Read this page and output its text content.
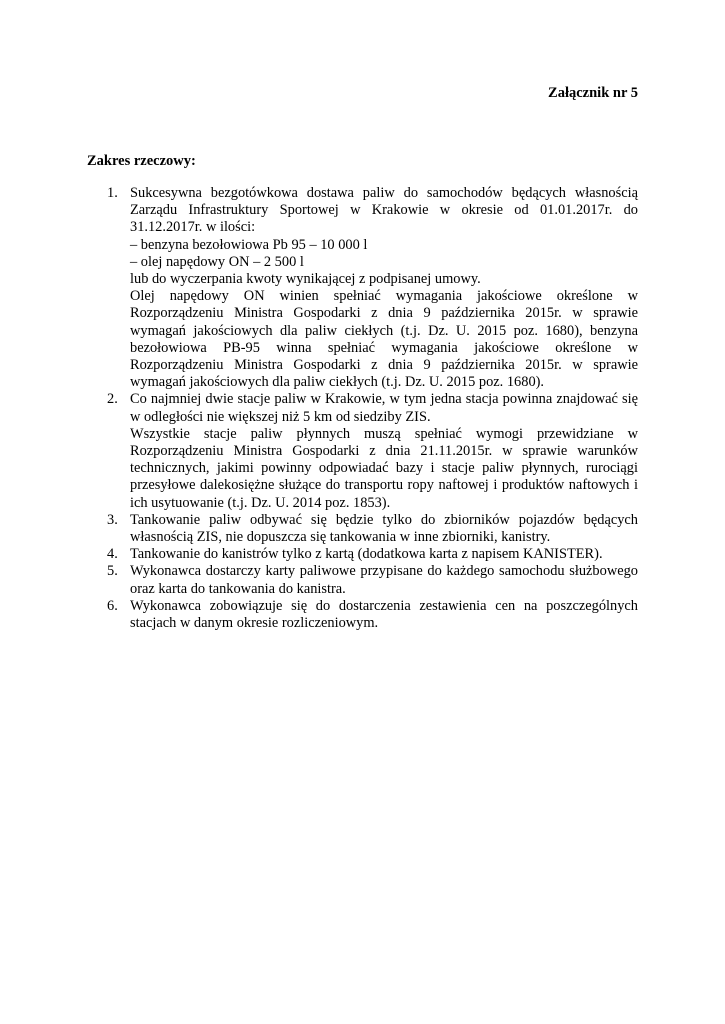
Załącznik nr 5
Zakres rzeczowy:
1. Sukcesywna bezgotówkowa dostawa paliw do samochodów będących własnością
Zarządu Infrastruktury Sportowej w Krakowie w okresie od 01.01.2017r. do
31.12.2017r. w ilości:
– benzyna bezołowiowa Pb 95 – 10 000 l
– olej napędowy ON – 2 500 l
lub do wyczerpania kwoty wynikającej z podpisanej umowy.
Olej napędowy ON winien spełniać wymagania jakościowe określone w
Rozporządzeniu Ministra Gospodarki z dnia 9 października 2015r. w sprawie
wymagań jakościowych dla paliw ciekłych (t.j. Dz. U. 2015 poz. 1680), benzyna
bezołowiowa PB-95 winna spełniać wymagania jakościowe określone w
Rozporządzeniu Ministra Gospodarki z dnia 9 października 2015r. w sprawie
wymagań jakościowych dla paliw ciekłych (t.j. Dz. U. 2015 poz. 1680).
2. Co najmniej dwie stacje paliw w Krakowie, w tym jedna stacja powinna znajdować się
w odległości nie większej niż 5 km od siedziby ZIS.
Wszystkie stacje paliw płynnych muszą spełniać wymogi przewidziane w
Rozporządzeniu Ministra Gospodarki z dnia 21.11.2015r. w sprawie warunków
technicznych, jakimi powinny odpowiadać bazy i stacje paliw płynnych, rurociągi
przesyłowe dalekosiężne służące do transportu ropy naftowej i produktów naftowych i
ich usytuowanie (t.j. Dz. U. 2014 poz. 1853).
3. Tankowanie paliw odbywać się będzie tylko do zbiorników pojazdów będących
własnością ZIS, nie dopuszcza się tankowania w inne zbiorniki, kanistry.
4. Tankowanie do kanistrów tylko z kartą (dodatkowa karta z napisem KANISTER).
5. Wykonawca dostarczy karty paliwowe przypisane do każdego samochodu służbowego
oraz karta do tankowania do kanistra.
6. Wykonawca zobowiązuje się do dostarczenia zestawienia cen na poszczególnych
stacjach w danym okresie rozliczeniowym.
